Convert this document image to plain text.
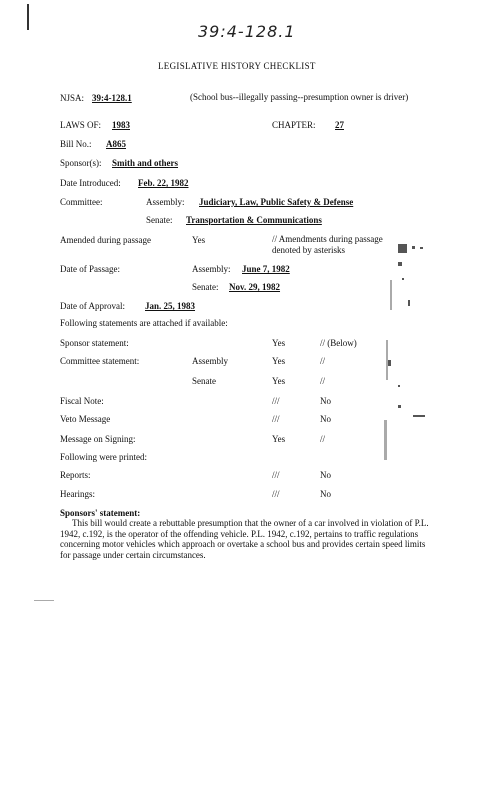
39:4-128.1
LEGISLATIVE HISTORY CHECKLIST
NJSA: 39:4-128.1	(School bus--illegally passing--presumption owner is driver)
LAWS OF: 1983	CHAPTER: 27
Bill No.: A865
Sponsor(s): Smith and others
Date Introduced: Feb. 22, 1982
Committee:	Assembly: Judiciary, Law, Public Safety & Defense
Senate: Transportation & Communications
Amended during passage	Yes	// Amendments during passage denoted by asterisks
Date of Passage:	Assembly: June 7, 1982
Senate: Nov. 29, 1982
Date of Approval: Jan. 25, 1983
Following statements are attached if available:
Sponsor statement:	Yes	// (Below)
Committee statement:	Assembly	Yes	//
Senate	Yes	//
Fiscal Note:	///	No
Veto Message	///	No
Message on Signing:	Yes	//
Following were printed:
Reports:	///	No
Hearings:	///	No
Sponsors' statement:
This bill would create a rebuttable presumption that the owner of a car involved in violation of P.L. 1942, c.192, is the operator of the offending vehicle. P.L. 1942, c.192, pertains to traffic regulations concerning motor vehicles which approach or overtake a school bus and provides certain speed limits for passage under certain circumstances.
